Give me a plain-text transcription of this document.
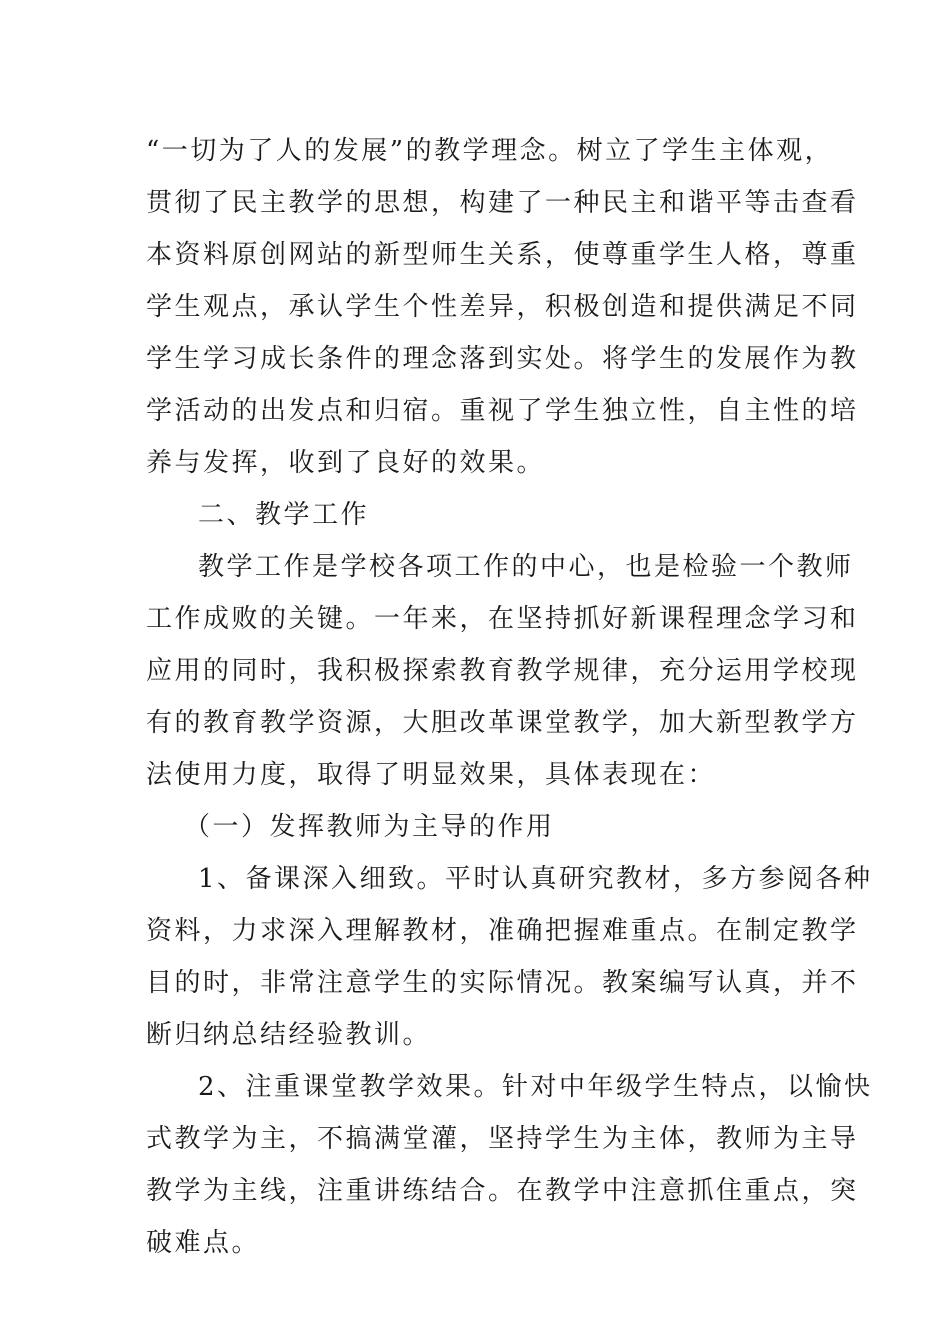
“一切为了人的发展”的教学理念。树立了学生主体观，
贯彻了民主教学的思想，构建了一种民主和谐平等击查看
本资料原创网站的新型师生关系，使尊重学生人格，尊重
学生观点，承认学生个性差异，积极创造和提供满足不同
学生学习成长条件的理念落到实处。将学生的发展作为教
学活动的出发点和归宿。重视了学生独立性，自主性的培
养与发挥，收到了良好的效果。
二、教学工作
教学工作是学校各项工作的中心，也是检验一个教师
工作成败的关键。一年来，在坚持抓好新课程理念学习和
应用的同时，我积极探索教育教学规律，充分运用学校现
有的教育教学资源，大胆改革课堂教学，加大新型教学方
法使用力度，取得了明显效果，具体表现在：
（一）发挥教师为主导的作用
1、备课深入细致。平时认真研究教材，多方参阅各种
资料，力求深入理解教材，准确把握难重点。在制定教学
目的时，非常注意学生的实际情况。教案编写认真，并不
断归纳总结经验教训。
2、注重课堂教学效果。针对中年级学生特点，以愉快
式教学为主，不搞满堂灌，坚持学生为主体，教师为主导
教学为主线，注重讲练结合。在教学中注意抓住重点，突
破难点。
